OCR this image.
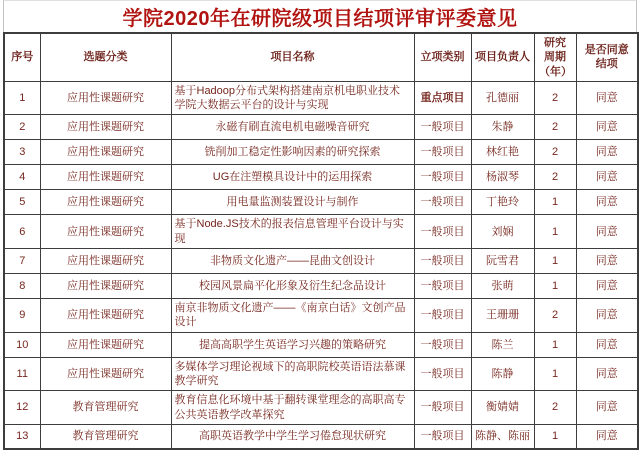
学院2020年在研院级项目结项评审评委意见
序号	选题分类	项目名称	立项类别	项目负责人	研究周期（年）	是否同意结项

1	应用性课题研究	基于Hadoop分布式架构搭建南京机电职业技术学院大数据云平台的设计与实现	重点项目	孔德丽	2	同意
2	应用性课题研究	永磁有刷直流电机电磁噪音研究	一般项目	朱静	2	同意
3	应用性课题研究	铣削加工稳定性影响因素的研究探索	一般项目	林红艳	2	同意
4	应用性课题研究	UG在注塑模具设计中的运用探索	一般项目	杨淑琴	2	同意
5	应用性课题研究	用电量监测装置设计与制作	一般项目	丁艳玲	1	同意
6	应用性课题研究	基于Node.JS技术的报表信息管理平台设计与实现	一般项目	刘娴	1	同意
7	应用性课题研究	非物质文化遗产——昆曲文创设计	一般项目	阮雪君	1	同意
8	应用性课题研究	校园风景扁平化形象及衍生纪念品设计	一般项目	张萌	1	同意
9	应用性课题研究	南京非物质文化遗产——《南京白话》文创产品设计	一般项目	王珊珊	2	同意
10	应用性课题研究	提高高职学生英语学习兴趣的策略研究	一般项目	陈兰	1	同意
11	应用性课题研究	多媒体学习理论视域下的高职院校英语语法慕课教学研究	一般项目	陈静	1	同意
12	教育管理研究	教育信息化环境中基于翻转课堂理念的高职高专公共英语教学改革探究	一般项目	衡婧婧	2	同意
13	教育管理研究	高职英语教学中学生学习倦怠现状研究	一般项目	陈静、陈丽	1	同意
